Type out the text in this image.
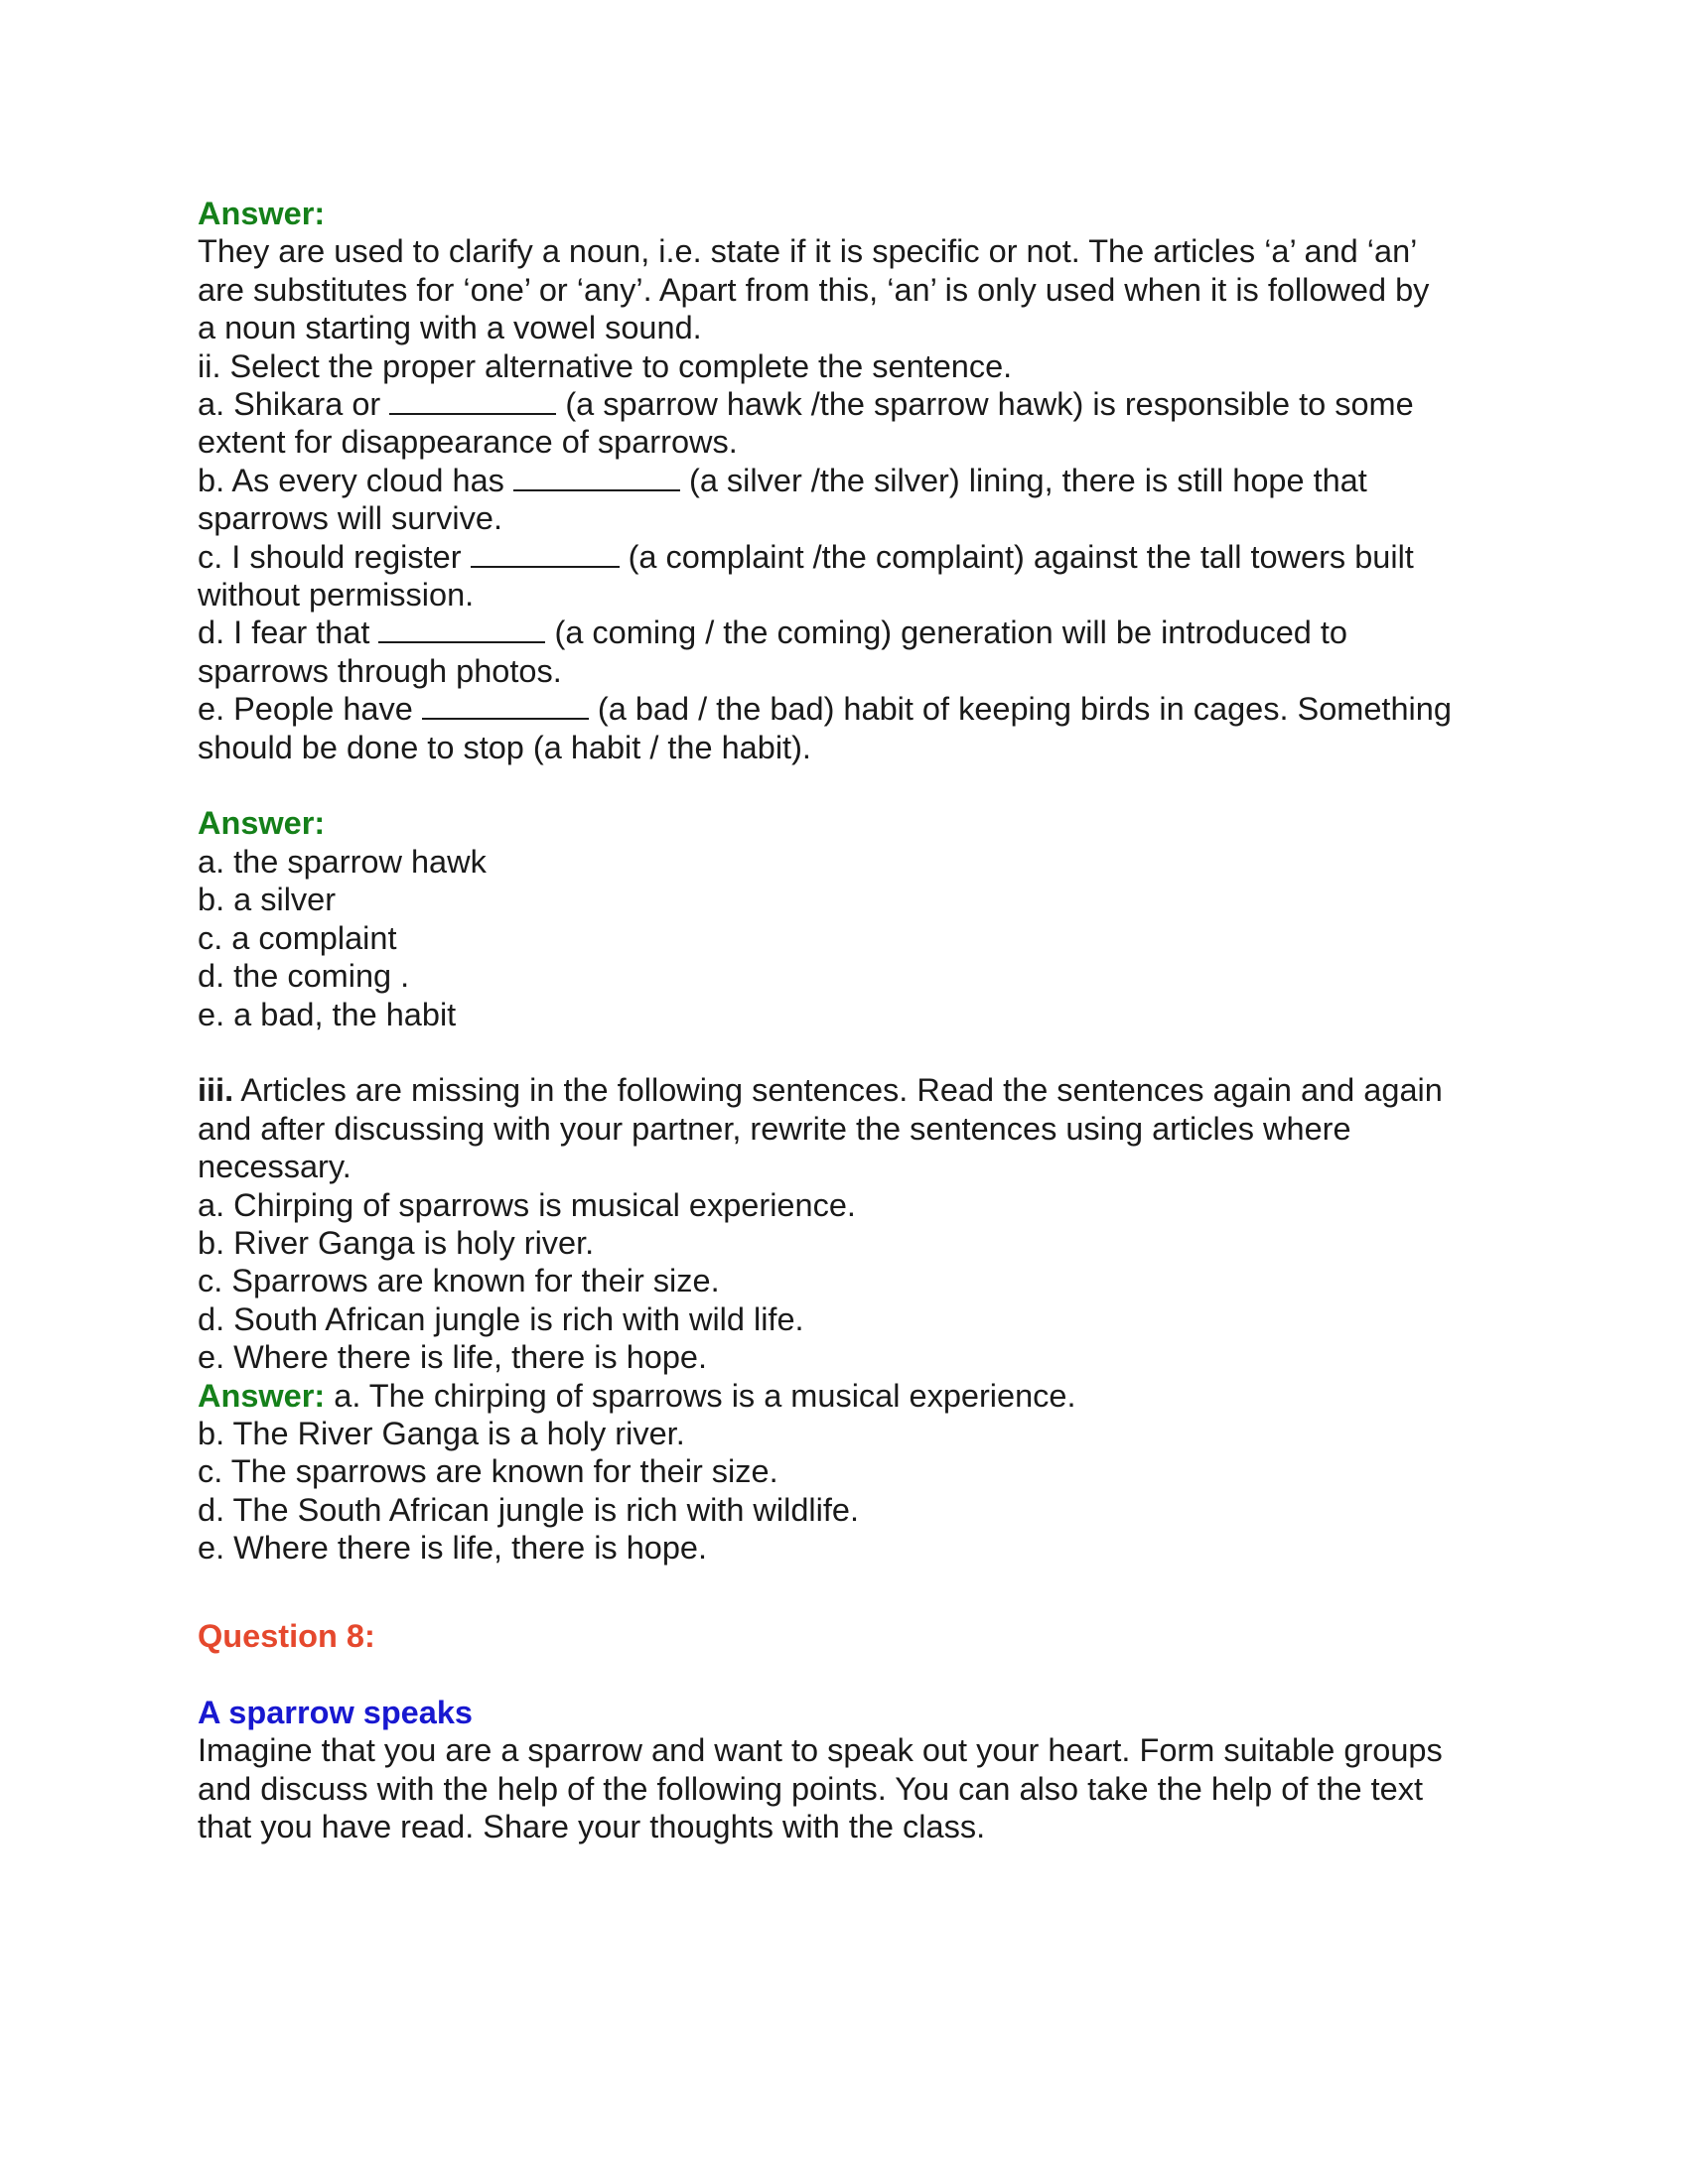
Answer:
They are used to clarify a noun, i.e. state if it is specific or not. The articles ‘a’ and ‘an’
are substitutes for ‘one’ or ‘any’. Apart from this, ‘an’ is only used when it is followed by
a noun starting with a vowel sound.
ii. Select the proper alternative to complete the sentence.
a. Shikara or	(a sparrow hawk /the sparrow hawk) is responsible to some
extent for disappearance of sparrows.
b. As every cloud has	(a silver /the silver) lining, there is still hope that
sparrows will survive.
c. I should register	(a complaint /the complaint) against the tall towers built
without permission.
d. I fear that	(a coming / the coming) generation will be introduced to
sparrows through photos.
e. People have	(a bad / the bad) habit of keeping birds in cages. Something
should be done to stop (a habit / the habit).
Answer:
a. the sparrow hawk
b. a silver
c. a complaint
d. the coming .
e. a bad, the habit
iii. Articles are missing in the following sentences. Read the sentences again and again
and after discussing with your partner, rewrite the sentences using articles where
necessary.
a. Chirping of sparrows is musical experience.
b. River Ganga is holy river.
c. Sparrows are known for their size.
d. South African jungle is rich with wild life.
e. Where there is life, there is hope.
Answer: a. The chirping of sparrows is a musical experience.
b. The River Ganga is a holy river.
c. The sparrows are known for their size.
d. The South African jungle is rich with wildlife.
e. Where there is life, there is hope.
Question 8:
A sparrow speaks
Imagine that you are a sparrow and want to speak out your heart. Form suitable groups
and discuss with the help of the following points. You can also take the help of the text
that you have read. Share your thoughts with the class.
